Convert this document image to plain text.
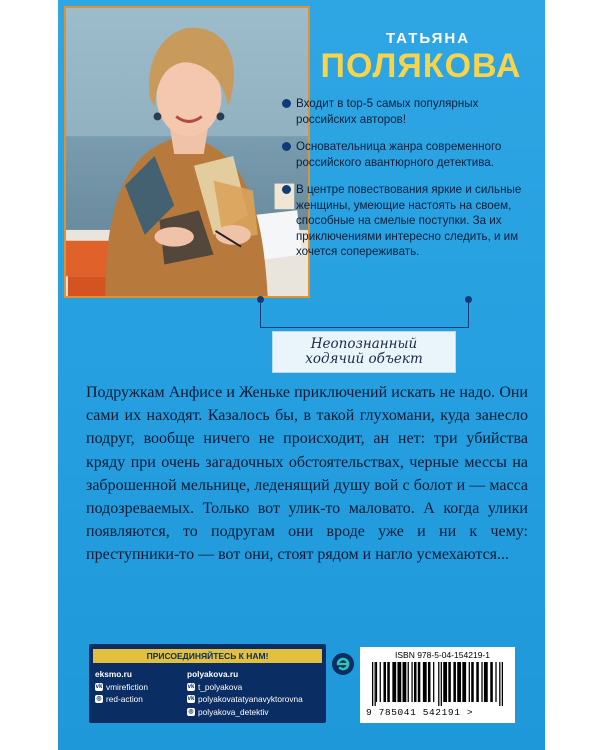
ТАТЬЯНА
ПОЛЯКОВА
Входит в top-5 самых популярных российских авторов!
Основательница жанра современного российского авантюрного детектива.
В центре повествования яркие и сильные женщины, умеющие настоять на своем, способные на смелые поступки. За их приключениями интересно следить, и им хочется сопереживать.
Неопознанный ходячий объект

Подружкам Анфисе и Женьке приключений искать не надо. Они сами их находят. Казалось бы, в такой глухомани, куда занесло подруг, вообще ничего не происходит, ан нет: три убийства кряду при очень загадочных обстоятельствах, черные мессы на заброшенной мельнице, леденящий душу вой с болот и — масса подозреваемых. Только вот улик-то маловато. А когда улики появляются, то подругам они вроде уже и ни к чему: преступники-то — вот они, стоят рядом и нагло усмехаются...

ПРИСОЕДИНЯЙТЕСЬ К НАМ!
eksmo.ru
vk vmirefiction
◎ red-action
polyakova.ru
vk t_polyakova
vk polyakovatatyanavyktorovna
◎ polyakova_detektiv
ISBN 978-5-04-154219-1
9 785041 542191 >
